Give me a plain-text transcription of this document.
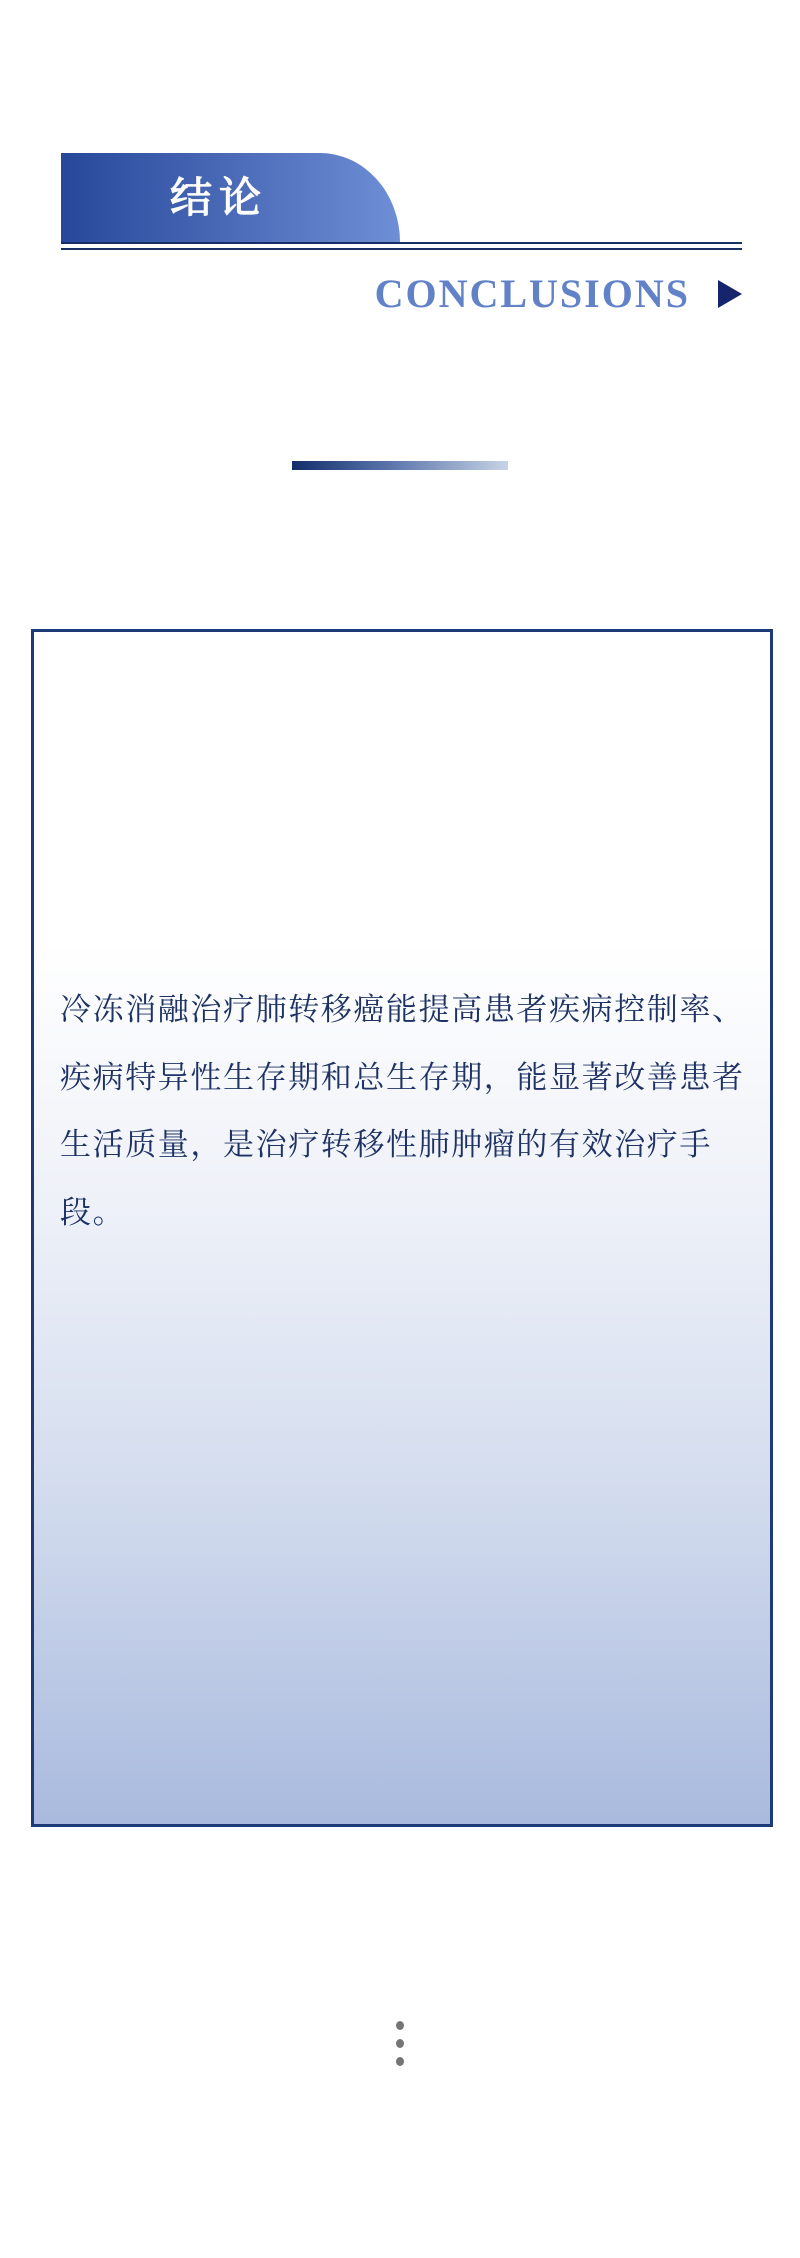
结论
CONCLUSIONS
冷冻消融治疗肺转移癌能提高患者疾病控制率、
疾病特异性生存期和总生存期，能显著改善患者
生活质量，是治疗转移性肺肿瘤的有效治疗手
段。
